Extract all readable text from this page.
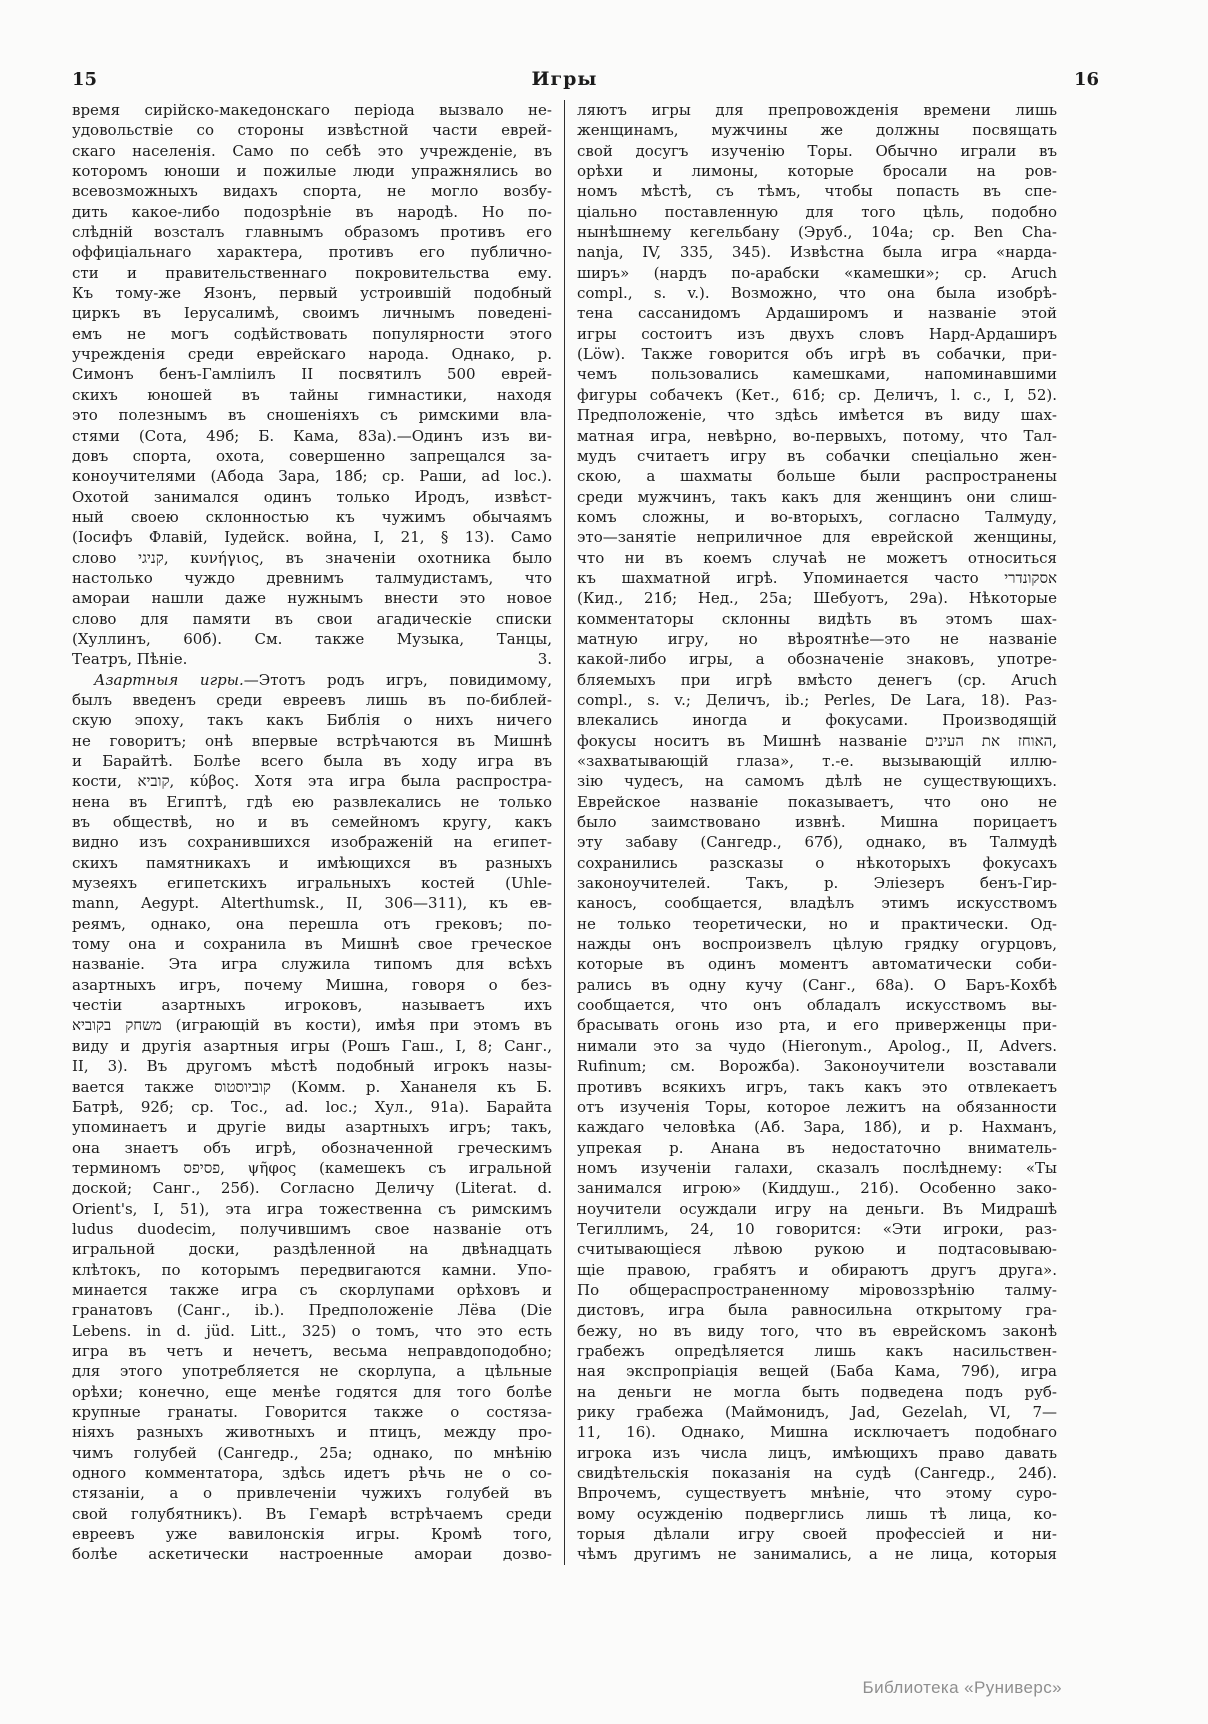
15	Игры	16
время сирійско-македонскаго періода вызвало не-
удовольствіе со стороны извѣстной части еврей-
скаго населенія. Само по себѣ это учрежденіе, въ
которомъ юноши и пожилые люди упражнялись во
всевозможныхъ видахъ спорта, не могло возбу-
дить какое-либо подозрѣніе въ народѣ. Но по-
слѣдній возсталъ главнымъ образомъ противъ его
оффиціальнаго характера, противъ его публично-
сти и правительственнаго покровительства ему.
Къ тому-же Язонъ, первый устроившій подобный
циркъ въ Іерусалимѣ, своимъ личнымъ поведені-
емъ не могъ содѣйствовать популярности этого
учрежденія среди еврейскаго народа. Однако, р.
Симонъ бенъ-Гамліилъ II посвятилъ 500 еврей-
скихъ юношей въ тайны гимнастики, находя
это полезнымъ въ сношеніяхъ съ римскими вла-
стями (Сота, 49б; Б. Кама, 83а).—Одинъ изъ ви-
довъ спорта, охота, совершенно запрещался за-
коноучителями (Абода Зара, 18б; ср. Раши, ad loc.).
Охотой занимался одинъ только Иродъ, извѣст-
ный своею склонностью къ чужимъ обычаямъ
(Іосифъ Флавій, Іудейск. война, I, 21, § 13). Само
слово קניגי, κυνήγιος, въ значеніи охотника было
настолько чуждо древнимъ талмудистамъ, что
амораи нашли даже нужнымъ внести это новое
слово для памяти въ свои агадическіе списки
(Хуллинъ, 60б). См. также Музыка, Танцы,
Театръ, Пѣніе.	3.
Азартныя игры.—Этотъ родъ игръ, повидимому,
былъ введенъ среди евреевъ лишь въ по-библей-
скую эпоху, такъ какъ Библія о нихъ ничего
не говоритъ; онѣ впервые встрѣчаются въ Мишнѣ
и Барайтѣ. Болѣе всего была въ ходу игра въ
кости, קוביא, κύβος. Хотя эта игра была распростра-
нена въ Египтѣ, гдѣ ею развлекались не только
въ обществѣ, но и въ семейномъ кругу, какъ
видно изъ сохранившихся изображеній на египет-
скихъ памятникахъ и имѣющихся въ разныхъ
музеяхъ египетскихъ игральныхъ костей (Uhle-
mann, Aegypt. Alterthumsk., II, 306—311), къ ев-
реямъ, однако, она перешла отъ грековъ; по-
тому она и сохранила въ Мишнѣ свое греческое
названіе. Эта игра служила типомъ для всѣхъ
азартныхъ игръ, почему Мишна, говоря о без-
честіи азартныхъ игроковъ, называетъ ихъ
משחק בקוביא (играющій въ кости), имѣя при этомъ въ
виду и другія азартныя игры (Рошъ Гаш., I, 8; Санг.,
II, 3). Въ другомъ мѣстѣ подобный игрокъ назы-
вается также קוביוסטוס (Комм. р. Хананеля къ Б.
Батрѣ, 92б; ср. Тос., ad. loc.; Хул., 91а). Барайта
упоминаетъ и другіе виды азартныхъ игръ; такъ,
она знаетъ объ игрѣ, обозначенной греческимъ
терминомъ פסיפס, ψῆφος (камешекъ съ игральной
доской; Санг., 25б). Согласно Деличу (Literat. d.
Orient's, I, 51), эта игра тожественна съ римскимъ
ludus duodecim, получившимъ свое названіе отъ
игральной доски, раздѣленной на двѣнадцать
клѣтокъ, по которымъ передвигаются камни. Упо-
минается также игра съ скорлупами орѣховъ и
гранатовъ (Санг., ib.). Предположеніе Лёва (Die
Lebens. in d. jüd. Litt., 325) о томъ, что это есть
игра въ четъ и нечетъ, весьма неправдоподобно;
для этого употребляется не скорлупа, а цѣльные
орѣхи; конечно, еще менѣе годятся для того болѣе
крупные гранаты. Говорится также о состяза-
ніяхъ разныхъ животныхъ и птицъ, между про-
чимъ голубей (Сангедр., 25а; однако, по мнѣнію
одного комментатора, здѣсь идетъ рѣчь не о со-
стязаніи, а о привлеченіи чужихъ голубей въ
свой голубятникъ). Въ Гемарѣ встрѣчаемъ среди
евреевъ уже вавилонскія игры. Кромѣ того,
болѣе аскетически настроенные амораи дозво-
ляютъ игры для препровожденія времени лишь
женщинамъ, мужчины же должны посвящать
свой досугъ изученію Торы. Обычно играли въ
орѣхи и лимоны, которые бросали на ров-
номъ мѣстѣ, съ тѣмъ, чтобы попасть въ спе-
ціально поставленную для того цѣль, подобно
нынѣшнему кегельбану (Эруб., 104а; ср. Ben Cha-
nanja, IV, 335, 345). Извѣстна была игра «нарда-
ширъ» (нардъ по-арабски «камешки»; ср. Aruch
compl., s. v.). Возможно, что она была изобрѣ-
тена сассанидомъ Ардаширомъ и названіе этой
игры состоитъ изъ двухъ словъ Нард-Ардаширъ
(Löw). Также говорится объ игрѣ въ собачки, при-
чемъ пользовались камешками, напоминавшими
фигуры собачекъ (Кет., 61б; ср. Деличъ, l. c., I, 52).
Предположеніе, что здѣсь имѣется въ виду шах-
матная игра, невѣрно, во-первыхъ, потому, что Тал-
мудъ считаетъ игру въ собачки спеціально жен-
скою, а шахматы больше были распространены
среди мужчинъ, такъ какъ для женщинъ они слиш-
комъ сложны, и во-вторыхъ, согласно Талмуду,
это—занятіе неприличное для еврейской женщины,
что ни въ коемъ случаѣ не можетъ относиться
къ шахматной игрѣ. Упоминается часто אסקונדרי
(Кид., 21б; Нед., 25а; Шебуотъ, 29а). Нѣкоторые
комментаторы склонны видѣть въ этомъ шах-
матную игру, но вѣроятнѣе—это не названіе
какой-либо игры, а обозначеніе знаковъ, употре-
бляемыхъ при игрѣ вмѣсто денегъ (ср. Aruch
compl., s. v.; Деличъ, ib.; Perles, De Lara, 18). Раз-
влекались иногда и фокусами. Производящій
фокусы носитъ въ Мишнѣ названіе האוחז את העינים,
«захватывающій глаза», т.-е. вызывающій иллю-
зію чудесъ, на самомъ дѣлѣ не существующихъ.
Еврейское названіе показываетъ, что оно не
было заимствовано извнѣ. Мишна порицаетъ
эту забаву (Сангедр., 67б), однако, въ Талмудѣ
сохранились разсказы о нѣкоторыхъ фокусахъ
законоучителей. Такъ, р. Эліезеръ бенъ-Гир-
каносъ, сообщается, владѣлъ этимъ искусствомъ
не только теоретически, но и практически. Од-
нажды онъ воспроизвелъ цѣлую грядку огурцовъ,
которые въ одинъ моментъ автоматически соби-
рались въ одну кучу (Санг., 68а). О Баръ-Кохбѣ
сообщается, что онъ обладалъ искусствомъ вы-
брасывать огонь изо рта, и его приверженцы при-
нимали это за чудо (Hieronym., Apolog., II, Advers.
Rufinum; см. Ворожба). Законоучители возставали
противъ всякихъ игръ, такъ какъ это отвлекаетъ
отъ изученія Торы, которое лежитъ на обязанности
каждаго человѣка (Аб. Зара, 18б), и р. Нахманъ,
упрекая р. Анана въ недостаточно вниматель-
номъ изученіи галахи, сказалъ послѣднему: «Ты
занимался игрою» (Киддуш., 21б). Особенно зако-
ноучители осуждали игру на деньги. Въ Мидрашѣ
Тегиллимъ, 24, 10 говорится: «Эти игроки, раз-
считывающіеся лѣвою рукою и подтасовываю-
щіе правою, грабятъ и обираютъ другъ друга».
По общераспространенному міровоззрѣнію талму-
дистовъ, игра была равносильна открытому гра-
бежу, но въ виду того, что въ еврейскомъ законѣ
грабежъ опредѣляется лишь какъ насильствен-
ная экспропріація вещей (Баба Кама, 79б), игра
на деньги не могла быть подведена подъ руб-
рику грабежа (Маймонидъ, Jad, Gezelah, VI, 7—
11, 16). Однако, Мишна исключаетъ подобнаго
игрока изъ числа лицъ, имѣющихъ право давать
свидѣтельскія показанія на судѣ (Сангедр., 24б).
Впрочемъ, существуетъ мнѣніе, что этому суро-
вому осужденію подверглись лишь тѣ лица, ко-
торыя дѣлали игру своей профессіей и ни-
чѣмъ другимъ не занимались, а не лица, которыя
Библиотека «Руниверс»
